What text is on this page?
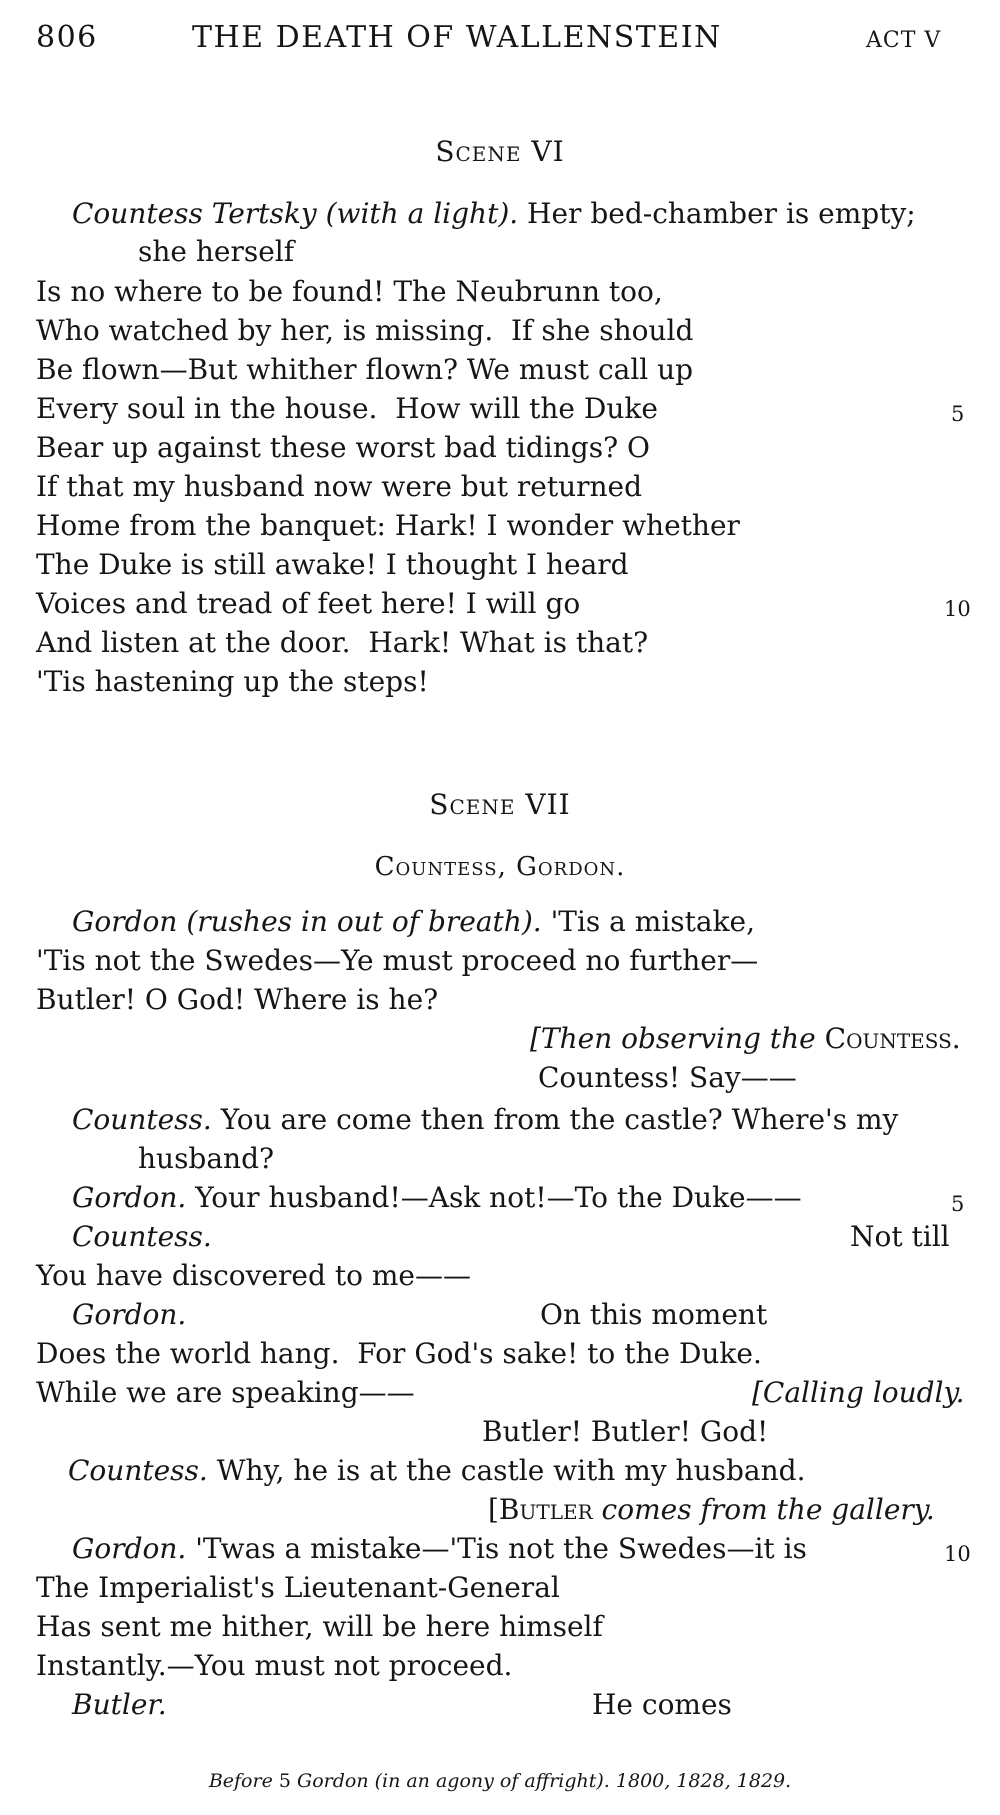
806	THE DEATH OF WALLENSTEIN	ACT V
Scene VI
Countess Tertsky (with a light). Her bed-chamber is empty;
she herself
Is no where to be found! The Neubrunn too,
Who watched by her, is missing.  If she should
Be flown—But whither flown? We must call up
Every soul in the house.  How will the Duke	5
Bear up against these worst bad tidings? O
If that my husband now were but returned
Home from the banquet: Hark! I wonder whether
The Duke is still awake! I thought I heard
Voices and tread of feet here! I will go	10
And listen at the door.  Hark! What is that?
'Tis hastening up the steps!
Scene VII
Countess, Gordon.
Gordon (rushes in out of breath). 'Tis a mistake,
'Tis not the Swedes—Ye must proceed no further—
Butler! O God! Where is he?
[Then observing the Countess.
Countess! Say——
Countess. You are come then from the castle? Where's my
husband?
Gordon. Your husband!—Ask not!—To the Duke——	5
Countess.	Not till
You have discovered to me——
Gordon.	On this moment
Does the world hang.  For God's sake! to the Duke.
While we are speaking——	[Calling loudly.
Butler! Butler! God!
Countess. Why, he is at the castle with my husband.
[Butler comes from the gallery.
Gordon. 'Twas a mistake—'Tis not the Swedes—it is	10
The Imperialist's Lieutenant-General
Has sent me hither, will be here himself
Instantly.—You must not proceed.
Butler.	He comes
Before 5 Gordon (in an agony of affright). 1800, 1828, 1829.
